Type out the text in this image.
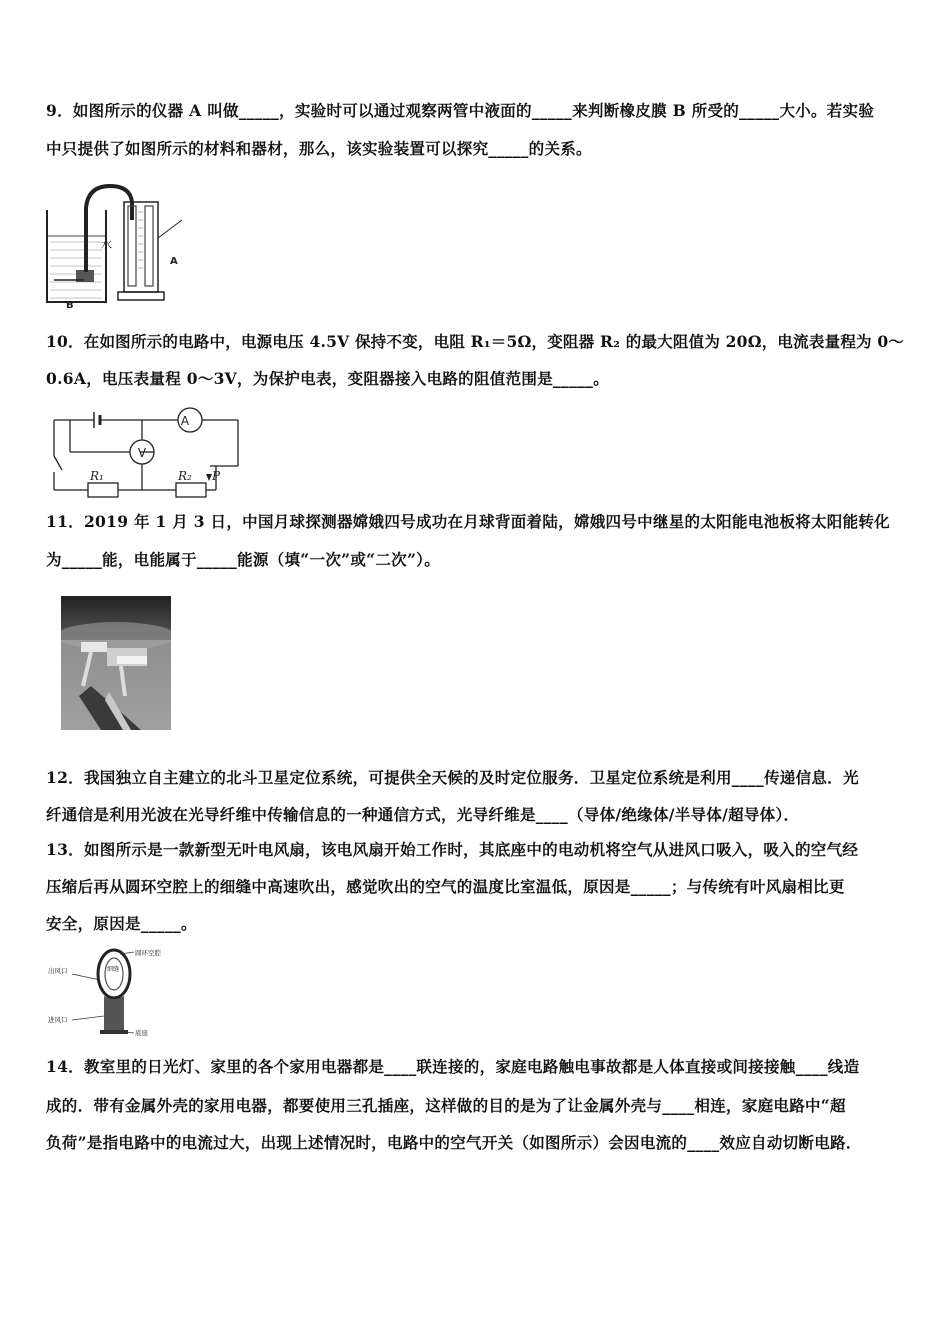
9．如图所示的仪器 A 叫做_____，实验时可以通过观察两管中液面的_____来判断橡皮膜 B 所受的_____大小。若实验
中只提供了如图所示的材料和器材，那么，该实验装置可以探究_____的关系。
水
A
B
10．在如图所示的电路中，电源电压 4.5V 保持不变，电阻 R₁＝5Ω，变阻器 R₂ 的最大阻值为 20Ω，电流表量程为 0～
0.6A，电压表量程 0～3V，为保护电表，变阻器接入电路的阻值范围是_____。
A
V
R₁	R₂ P
11．2019 年 1 月 3 日，中国月球探测器嫦娥四号成功在月球背面着陆，嫦娥四号中继星的太阳能电池板将太阳能转化
为_____能，电能属于_____能源（填“一次”或“二次”）。
12．我国独立自主建立的北斗卫星定位系统，可提供全天候的及时定位服务．卫星定位系统是利用____传递信息．光
纤通信是利用光波在光导纤维中传输信息的一种通信方式，光导纤维是____（导体/绝缘体/半导体/超导体）．
13．如图所示是一款新型无叶电风扇，该电风扇开始工作时，其底座中的电动机将空气从进风口吸入，吸入的空气经
压缩后再从圆环空腔上的细缝中高速吹出，感觉吹出的空气的温度比室温低，原因是_____；与传统有叶风扇相比更
安全，原因是_____。
圆环空腔
出风口	细缝
进风口
底座
14．教室里的日光灯、家里的各个家用电器都是____联连接的，家庭电路触电事故都是人体直接或间接接触____线造
成的．带有金属外壳的家用电器，都要使用三孔插座，这样做的目的是为了让金属外壳与____相连，家庭电路中“超
负荷”是指电路中的电流过大，出现上述情况时，电路中的空气开关（如图所示）会因电流的____效应自动切断电路．
